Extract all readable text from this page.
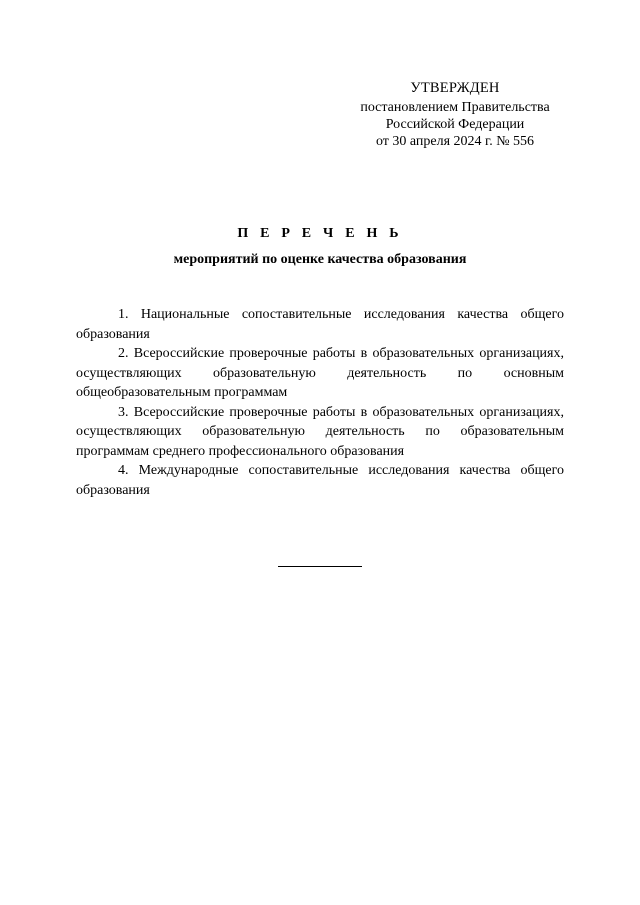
УТВЕРЖДЕН
постановлением Правительства
Российской Федерации
от 30 апреля 2024 г. № 556
П Е Р Е Ч Е Н Ь
мероприятий по оценке качества образования

1. Национальные сопоставительные исследования качества общего образования

2. Всероссийские проверочные работы в образовательных организациях, осуществляющих образовательную деятельность по основным общеобразовательным программам

3. Всероссийские проверочные работы в образовательных организациях, осуществляющих образовательную деятельность по образовательным программам среднего профессионального образования

4. Международные сопоставительные исследования качества общего образования
